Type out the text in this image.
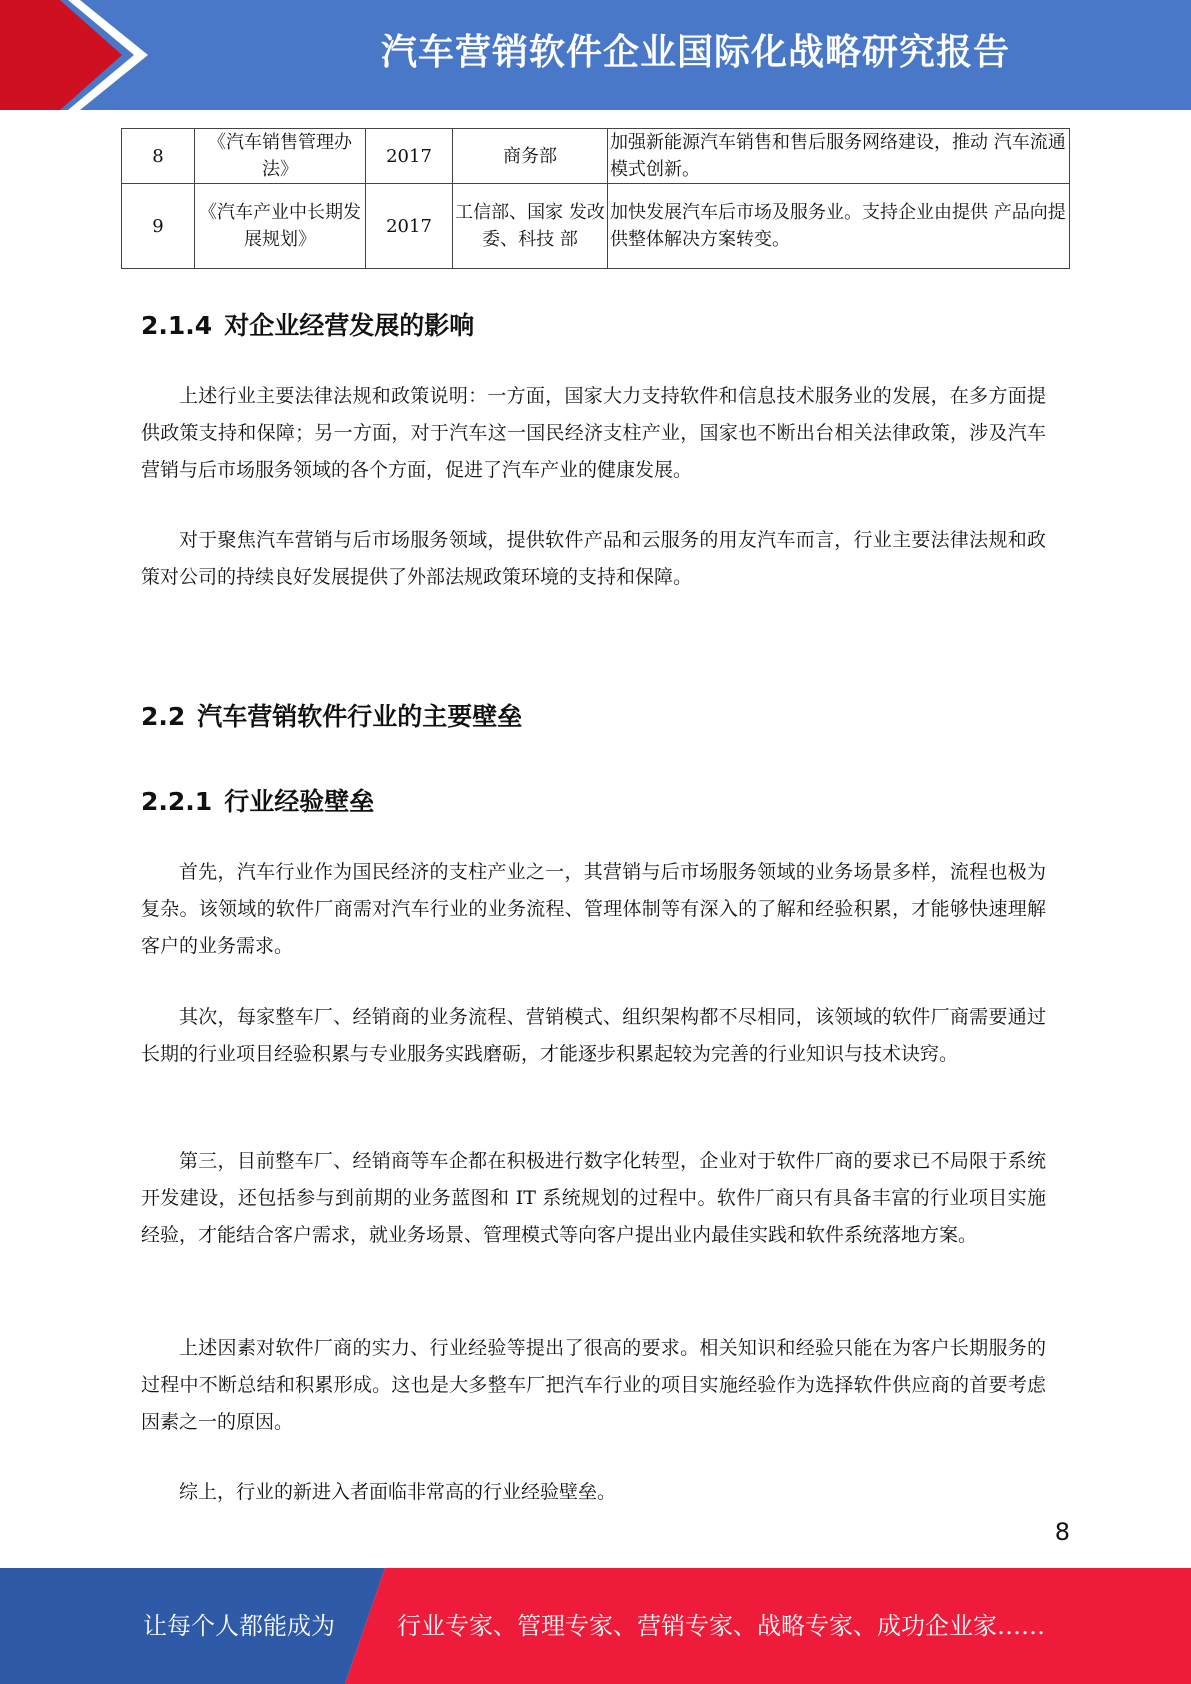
汽车营销软件企业国际化战略研究报告
8	《汽车销售管理办法》	2017	商务部	加强新能源汽车销售和售后服务网络建设，推动 汽车流通模式创新。
9	《汽车产业中长期发展规划》	2017	工信部、国家 发改委、科技 部	加快发展汽车后市场及服务业。支持企业由提供 产品向提供整体解决方案转变。
2.1.4 对企业经营发展的影响
上述行业主要法律法规和政策说明：一方面，国家大力支持软件和信息技术服务业的发展，在多方面提供政策支持和保障；另一方面，对于汽车这一国民经济支柱产业，国家也不断出台相关法律政策，涉及汽车营销与后市场服务领域的各个方面，促进了汽车产业的健康发展。
对于聚焦汽车营销与后市场服务领域，提供软件产品和云服务的用友汽车而言，行业主要法律法规和政策对公司的持续良好发展提供了外部法规政策环境的支持和保障。
2.2 汽车营销软件行业的主要壁垒
2.2.1 行业经验壁垒
首先，汽车行业作为国民经济的支柱产业之一，其营销与后市场服务领域的业务场景多样，流程也极为复杂。该领域的软件厂商需对汽车行业的业务流程、管理体制等有深入的了解和经验积累，才能够快速理解客户的业务需求。
其次，每家整车厂、经销商的业务流程、营销模式、组织架构都不尽相同，该领域的软件厂商需要通过长期的行业项目经验积累与专业服务实践磨砺，才能逐步积累起较为完善的行业知识与技术诀窍。
第三，目前整车厂、经销商等车企都在积极进行数字化转型，企业对于软件厂商的要求已不局限于系统开发建设，还包括参与到前期的业务蓝图和 IT 系统规划的过程中。软件厂商只有具备丰富的行业项目实施经验，才能结合客户需求，就业务场景、管理模式等向客户提出业内最佳实践和软件系统落地方案。
上述因素对软件厂商的实力、行业经验等提出了很高的要求。相关知识和经验只能在为客户长期服务的过程中不断总结和积累形成。这也是大多整车厂把汽车行业的项目实施经验作为选择软件供应商的首要考虑因素之一的原因。
综上，行业的新进入者面临非常高的行业经验壁垒。
8
让每个人都能成为	行业专家、管理专家、营销专家、战略专家、成功企业家……
